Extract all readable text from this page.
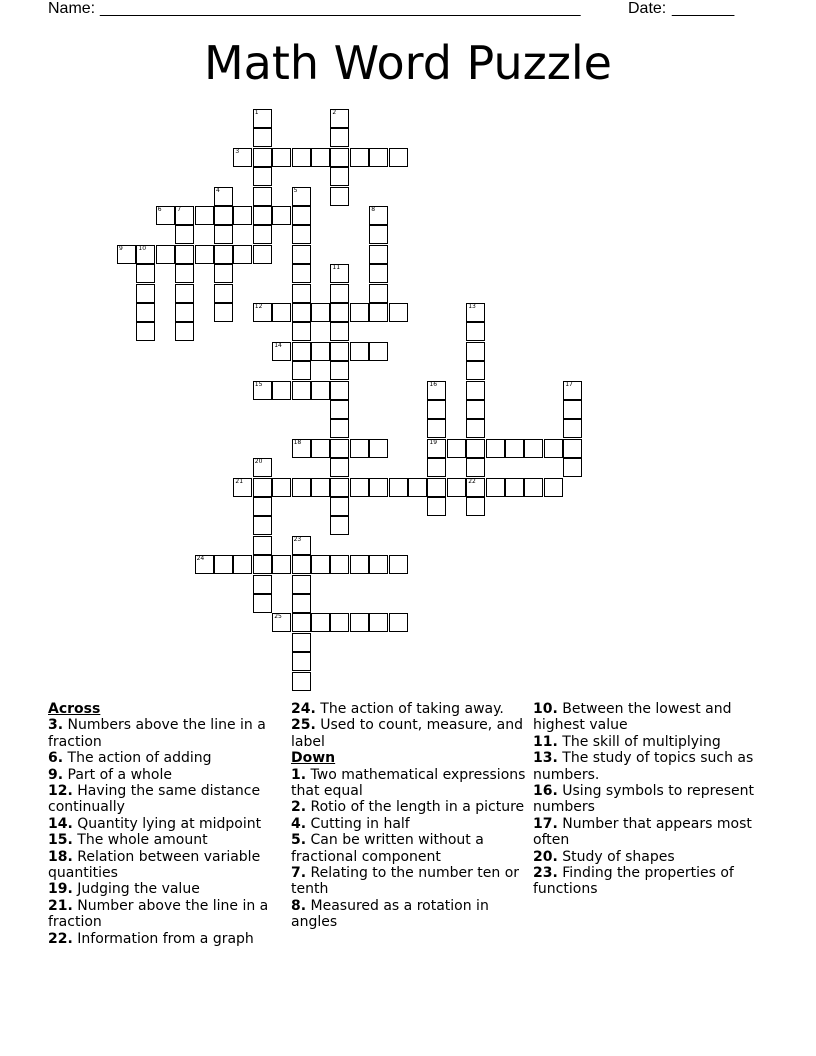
Name: ______________________________________________________	Date: _______
Math Word Puzzle
3
6	7
9	10
12
14
15
18	19
21	22
24
25
1	2
4	5
8
11
13
16	17
20
23

Across

3. Numbers above the line in a fraction

6. The action of adding

9. Part of a whole

12. Having the same distance continually

14. Quantity lying at midpoint

15. The whole amount

18. Relation between variable quantities

19. Judging the value

21. Number above the line in a fraction

22. Information from a graph

24. The action of taking away.

25. Used to count, measure, and label

Down

1. Two mathematical expressions that equal

2. Rotio of the length in a picture

4. Cutting in half

5. Can be written without a fractional component

7. Relating to the number ten or tenth

8. Measured as a rotation in angles

10. Between the lowest and highest value

11. The skill of multiplying

13. The study of topics such as numbers.

16. Using symbols to represent numbers

17. Number that appears most often

20. Study of shapes

23. Finding the properties of functions
